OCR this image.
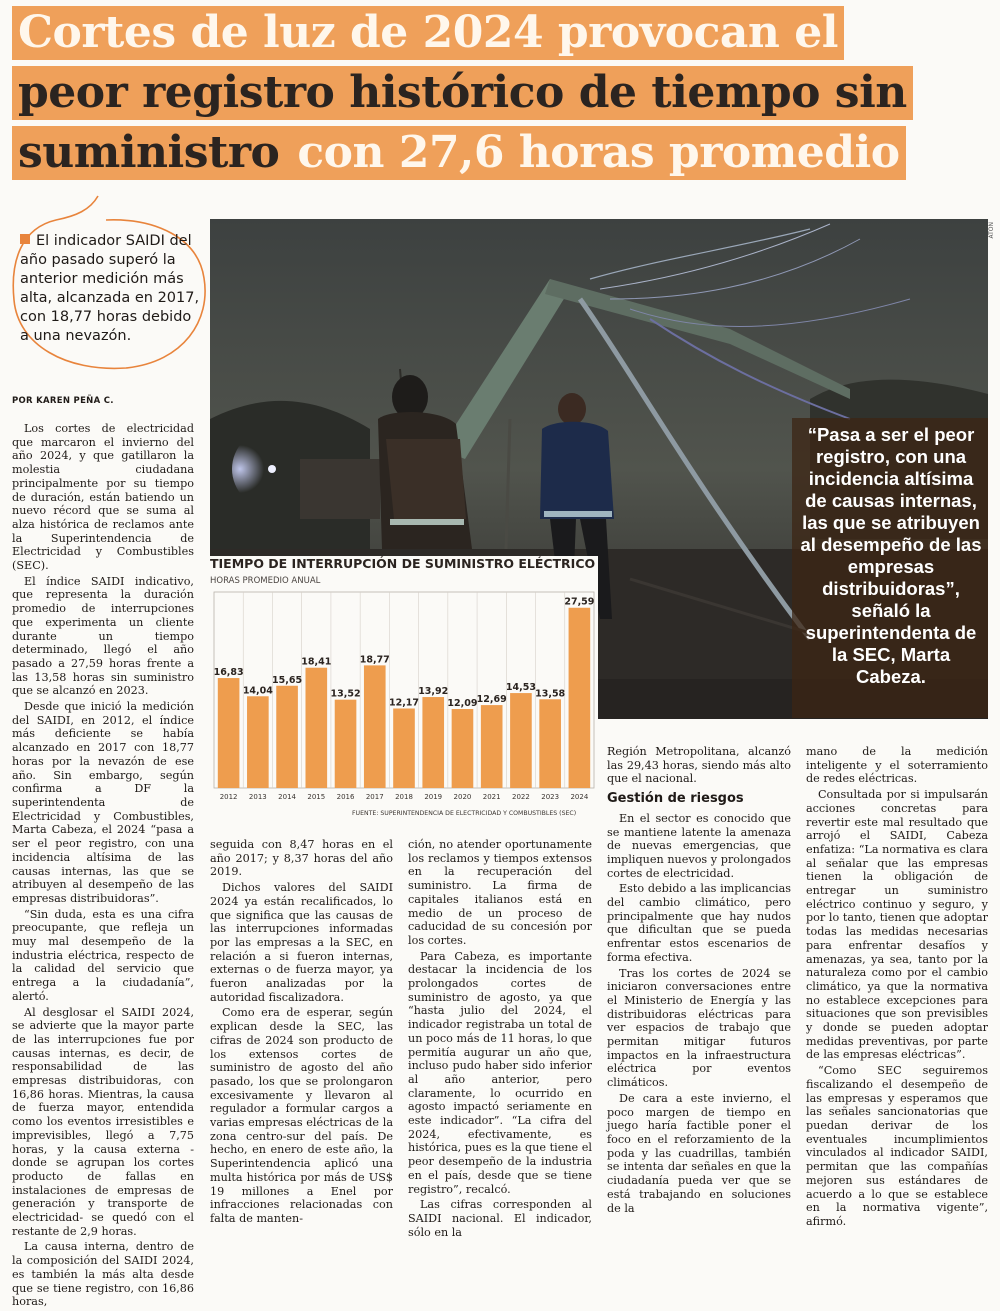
Cortes de luz de 2024 provocan el
peor registro histórico de tiempo sin
suministro con 27,6 horas promedio
El indicador SAIDI del año pasado superó la anterior medición más alta, alcanzada en 2017, con 18,77 horas debido a una nevazón.
POR KAREN PEÑA C.

Los cortes de electricidad que marcaron el invierno del año 2024, y que gatillaron la molestia ciudadana principalmente por su tiempo de duración, están batiendo un nuevo récord que se suma al alza histórica de reclamos ante la Superintendencia de Electricidad y Combustibles (SEC).

El índice SAIDI indicativo, que representa la duración promedio de interrupciones que experimenta un cliente durante un tiempo determinado, llegó el año pasado a 27,59 horas frente a las 13,58 horas sin suministro que se alcanzó en 2023.

Desde que inició la medición del SAIDI, en 2012, el índice más deficiente se había alcanzado en 2017 con 18,77 horas por la nevazón de ese año. Sin embargo, según confirma a DF la superintendenta de Electricidad y Combustibles, Marta Cabeza, el 2024 “pasa a ser el peor registro, con una incidencia altísima de las causas internas, las que se atribuyen al desempeño de las empresas distribuidoras”.

“Sin duda, esta es una cifra preocupante, que refleja un muy mal desempeño de la industria eléctrica, respecto de la calidad del servicio que entrega a la ciudadanía”, alertó.

Al desglosar el SAIDI 2024, se advierte que la mayor parte de las interrupciones fue por causas internas, es decir, de responsabilidad de las empresas distribuidoras, con 16,86 horas. Mientras, la causa de fuerza mayor, entendida como los eventos irresistibles e imprevisibles, llegó a 7,75 horas, y la causa externa -donde se agrupan los cortes producto de fallas en instalaciones de empresas de generación y transporte de electricidad- se quedó con el restante de 2,9 horas.

La causa interna, dentro de la composición del SAIDI 2024, es también la más alta desde que se tiene registro, con 16,86 horas,

ATON
“Pasa a ser el peor registro, con una incidencia altísima de causas internas, las que se atribuyen al desempeño de las empresas distribuidoras”, señaló la superintendenta de la SEC, Marta Cabeza.
TIEMPO DE INTERRUPCIÓN DE SUMINISTRO ELÉCTRICO
HORAS PROMEDIO ANUAL
16,83
2012
14,04
2013
15,65
2014
18,41
2015
13,52
2016
18,77
2017
12,17
2018
13,92
2019
12,09
2020
12,69
2021
14,53
2022
13,58
2023
27,59
2024
FUENTE: SUPERINTENDENCIA DE ELECTRICIDAD Y COMBUSTIBLES (SEC)

seguida con 8,47 horas en el año 2017; y 8,37 horas del año 2019.

Dichos valores del SAIDI 2024 ya están recalificados, lo que significa que las causas de las interrupciones informadas por las empresas a la SEC, en relación a si fueron internas, externas o de fuerza mayor, ya fueron analizadas por la autoridad fiscalizadora.

Como era de esperar, según explican desde la SEC, las cifras de 2024 son producto de los extensos cortes de suministro de agosto del año pasado, los que se prolongaron excesivamente y llevaron al regulador a formular cargos a varias empresas eléctricas de la zona centro-sur del país. De hecho, en enero de este año, la Superintendencia aplicó una multa histórica por más de US$ 19 millones a Enel por infracciones relacionadas con falta de manten-

ción, no atender oportunamente los reclamos y tiempos extensos en la recuperación del suministro. La firma de capitales italianos está en medio de un proceso de caducidad de su concesión por los cortes.

Para Cabeza, es importante destacar la incidencia de los prolongados cortes de suministro de agosto, ya que “hasta julio del 2024, el indicador registraba un total de un poco más de 11 horas, lo que permitía augurar un año que, incluso pudo haber sido inferior al año anterior, pero claramente, lo ocurrido en agosto impactó seriamente en este indicador”. “La cifra del 2024, efectivamente, es histórica, pues es la que tiene el peor desempeño de la industria en el país, desde que se tiene registro”, recalcó.

Las cifras corresponden al SAIDI nacional. El indicador, sólo en la

Región Metropolitana, alcanzó las 29,43 horas, siendo más alto que el nacional.

Gestión de riesgos

En el sector es conocido que se mantiene latente la amenaza de nuevas emergencias, que impliquen nuevos y prolongados cortes de electricidad.

Esto debido a las implicancias del cambio climático, pero principalmente que hay nudos que dificultan que se pueda enfrentar estos escenarios de forma efectiva.

Tras los cortes de 2024 se iniciaron conversaciones entre el Ministerio de Energía y las distribuidoras eléctricas para ver espacios de trabajo que permitan mitigar futuros impactos en la infraestructura eléctrica por eventos climáticos.

De cara a este invierno, el poco margen de tiempo en juego haría factible poner el foco en el reforzamiento de la poda y las cuadrillas, también se intenta dar señales en que la ciudadanía pueda ver que se está trabajando en soluciones de la

mano de la medición inteligente y el soterramiento de redes eléctricas.

Consultada por si impulsarán acciones concretas para revertir este mal resultado que arrojó el SAIDI, Cabeza enfatiza: “La normativa es clara al señalar que las empresas tienen la obligación de entregar un suministro eléctrico continuo y seguro, y por lo tanto, tienen que adoptar todas las medidas necesarias para enfrentar desafíos y amenazas, ya sea, tanto por la naturaleza como por el cambio climático, ya que la normativa no establece excepciones para situaciones que son previsibles y donde se pueden adoptar medidas preventivas, por parte de las empresas eléctricas”.

“Como SEC seguiremos fiscalizando el desempeño de las empresas y esperamos que las señales sancionatorias que puedan derivar de los eventuales incumplimientos vinculados al indicador SAIDI, permitan que las compañías mejoren sus estándares de acuerdo a lo que se establece en la normativa vigente”, afirmó.
